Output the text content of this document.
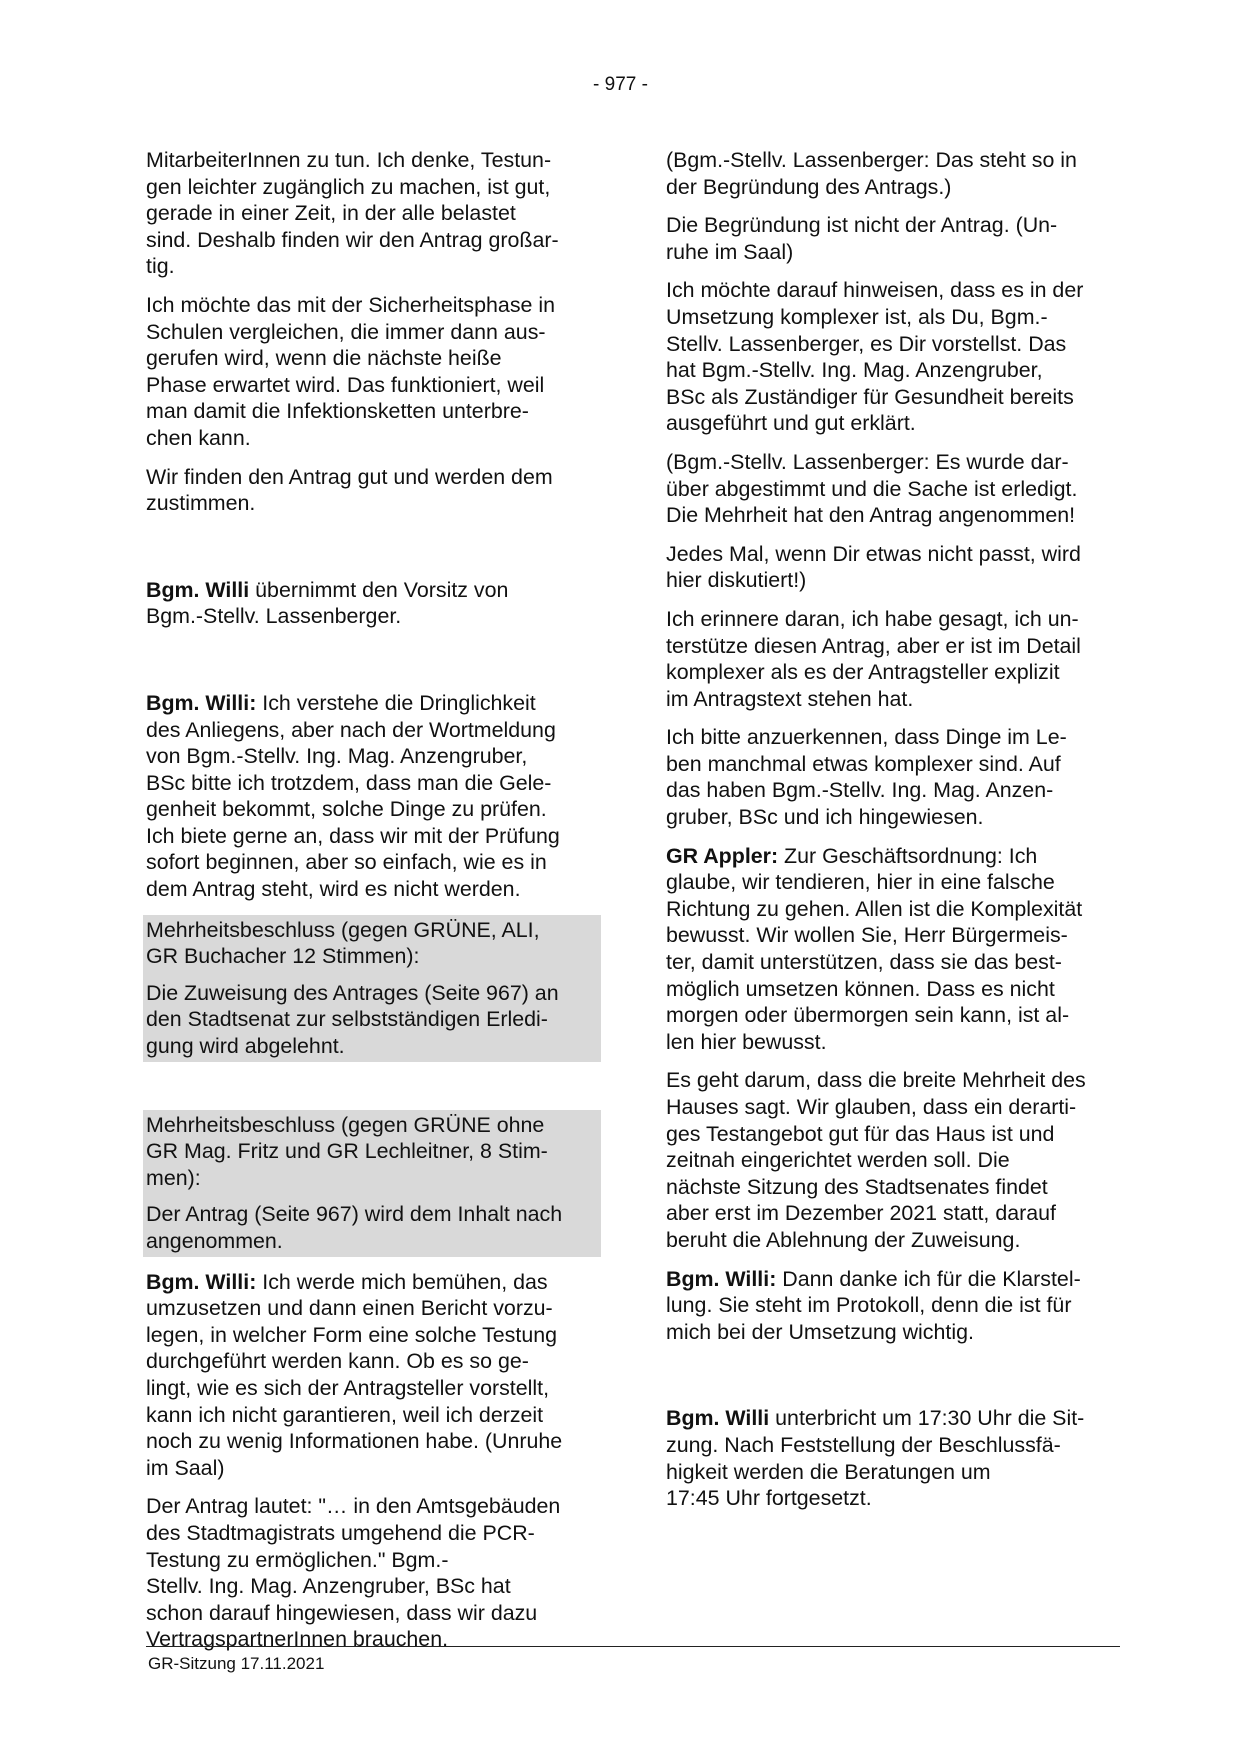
- 977 -

MitarbeiterInnen zu tun. Ich denke, Testun-
gen leichter zugänglich zu machen, ist gut,
gerade in einer Zeit, in der alle belastet
sind. Deshalb finden wir den Antrag großar-
tig.

Ich möchte das mit der Sicherheitsphase in
Schulen vergleichen, die immer dann aus-
gerufen wird, wenn die nächste heiße
Phase erwartet wird. Das funktioniert, weil
man damit die Infektionsketten unterbre-
chen kann.

Wir finden den Antrag gut und werden dem
zustimmen.

Bgm. Willi übernimmt den Vorsitz von
Bgm.-Stellv. Lassenberger.

Bgm. Willi: Ich verstehe die Dringlichkeit
des Anliegens, aber nach der Wortmeldung
von Bgm.-Stellv. Ing. Mag. Anzengruber,
BSc bitte ich trotzdem, dass man die Gele-
genheit bekommt, solche Dinge zu prüfen.
Ich biete gerne an, dass wir mit der Prüfung
sofort beginnen, aber so einfach, wie es in
dem Antrag steht, wird es nicht werden.

Mehrheitsbeschluss (gegen GRÜNE, ALI,
GR Buchacher 12 Stimmen):

Die Zuweisung des Antrages (Seite 967) an
den Stadtsenat zur selbstständigen Erledi-
gung wird abgelehnt.

Mehrheitsbeschluss (gegen GRÜNE ohne
GR Mag. Fritz und GR Lechleitner, 8 Stim-
men):

Der Antrag (Seite 967) wird dem Inhalt nach
angenommen.

Bgm. Willi: Ich werde mich bemühen, das
umzusetzen und dann einen Bericht vorzu-
legen, in welcher Form eine solche Testung
durchgeführt werden kann. Ob es so ge-
lingt, wie es sich der Antragsteller vorstellt,
kann ich nicht garantieren, weil ich derzeit
noch zu wenig Informationen habe. (Unruhe
im Saal)

Der Antrag lautet: "… in den Amtsgebäuden
des Stadtmagistrats umgehend die PCR-
Testung zu ermöglichen." Bgm.-
Stellv. Ing. Mag. Anzengruber, BSc hat
schon darauf hingewiesen, dass wir dazu
VertragspartnerInnen brauchen.

(Bgm.-Stellv. Lassenberger: Das steht so in
der Begründung des Antrags.)

Die Begründung ist nicht der Antrag. (Un-
ruhe im Saal)

Ich möchte darauf hinweisen, dass es in der
Umsetzung komplexer ist, als Du, Bgm.-
Stellv. Lassenberger, es Dir vorstellst. Das
hat Bgm.-Stellv. Ing. Mag. Anzengruber,
BSc als Zuständiger für Gesundheit bereits
ausgeführt und gut erklärt.

(Bgm.-Stellv. Lassenberger: Es wurde dar-
über abgestimmt und die Sache ist erledigt.
Die Mehrheit hat den Antrag angenommen!

Jedes Mal, wenn Dir etwas nicht passt, wird
hier diskutiert!)

Ich erinnere daran, ich habe gesagt, ich un-
terstütze diesen Antrag, aber er ist im Detail
komplexer als es der Antragsteller explizit
im Antragstext stehen hat.

Ich bitte anzuerkennen, dass Dinge im Le-
ben manchmal etwas komplexer sind. Auf
das haben Bgm.-Stellv. Ing. Mag. Anzen-
gruber, BSc und ich hingewiesen.

GR Appler: Zur Geschäftsordnung: Ich
glaube, wir tendieren, hier in eine falsche
Richtung zu gehen. Allen ist die Komplexität
bewusst. Wir wollen Sie, Herr Bürgermeis-
ter, damit unterstützen, dass sie das best-
möglich umsetzen können. Dass es nicht
morgen oder übermorgen sein kann, ist al-
len hier bewusst.

Es geht darum, dass die breite Mehrheit des
Hauses sagt. Wir glauben, dass ein derarti-
ges Testangebot gut für das Haus ist und
zeitnah eingerichtet werden soll. Die
nächste Sitzung des Stadtsenates findet
aber erst im Dezember 2021 statt, darauf
beruht die Ablehnung der Zuweisung.

Bgm. Willi: Dann danke ich für die Klarstel-
lung. Sie steht im Protokoll, denn die ist für
mich bei der Umsetzung wichtig.

Bgm. Willi unterbricht um 17:30 Uhr die Sit-
zung. Nach Feststellung der Beschlussfä-
higkeit werden die Beratungen um
17:45 Uhr fortgesetzt.

GR-Sitzung 17.11.2021
